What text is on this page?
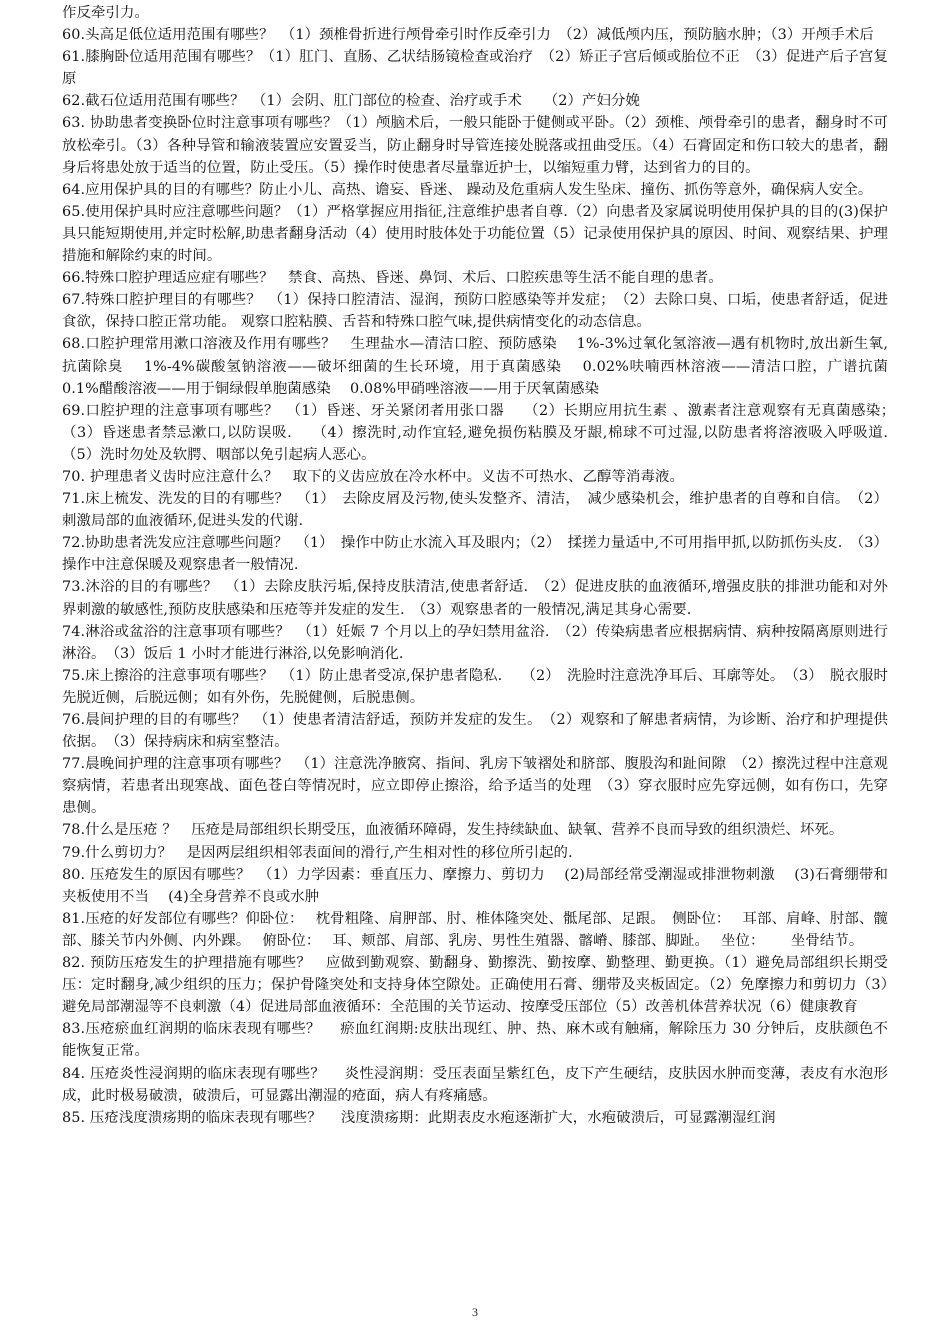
作反牵引力。

60.头高足低位适用范围有哪些？　（1）颈椎骨折进行颅骨牵引时作反牵引力　（2）减低颅内压，预防脑水肿；（3）开颅手术后

61.膝胸卧位适用范围有哪些？（1）肛门、直肠、乙状结肠镜检查或治疗　（2）矫正子宫后倾或胎位不正　（3）促进产后子宫复原

62.截石位适用范围有哪些？　（1）会阴、肛门部位的检查、治疗或手术　　（2）产妇分娩

63. 协助患者变换卧位时注意事项有哪些？（1）颅脑术后，一般只能卧于健侧或平卧。（2）颈椎、颅骨牵引的患者，翻身时不可放松牵引。（3）各种导管和输液装置应安置妥当，防止翻身时导管连接处脱落或扭曲受压。（4）石膏固定和伤口较大的患者，翻身后将患处放于适当的位置，防止受压。（5）操作时使患者尽量靠近护士，以缩短重力臂，达到省力的目的。

64.应用保护具的目的有哪些？防止小儿、高热、谵妄、昏迷、 躁动及危重病人发生坠床、撞伤、抓伤等意外，确保病人安全。

65.使用保护具时应注意哪些问题？（1）严格掌握应用指征,注意维护患者自尊.（2）向患者及家属说明使用保护具的目的(3)保护具只能短期使用,并定时松解,助患者翻身活动（4）使用时肢体处于功能位置（5）记录使用保护具的原因、时间、观察结果、护理措施和解除约束的时间。

66.特殊口腔护理适应症有哪些？　禁食、高热、昏迷、鼻饲、术后、口腔疾患等生活不能自理的患者。

67.特殊口腔护理目的有哪些？　（1）保持口腔清洁、湿润，预防口腔感染等并发症；　（2）去除口臭、口垢，使患者舒适，促进食欲，保持口腔正常功能。 观察口腔粘膜、舌苔和特殊口腔气味,提供病情变化的动态信息。

68.口腔护理常用漱口溶液及作用有哪些？　生理盐水—清洁口腔、预防感染　 1%-3%过氧化氢溶液—遇有机物时,放出新生氧,抗菌除臭　 1%-4%碳酸氢钠溶液——破坏细菌的生长环境，用于真菌感染　 0.02%呋喃西林溶液——清洁口腔，广谱抗菌　 0.1%醋酸溶液——用于铜绿假单胞菌感染　 0.08%甲硝唑溶液——用于厌氧菌感染

69.口腔护理的注意事项有哪些？　（1）昏迷、牙关紧闭者用张口器　 （2）长期应用抗生素 、激素者注意观察有无真菌感染；　（3）昏迷患者禁忌漱口,以防误吸.　 （4）擦洗时,动作宜轻,避免损伤粘膜及牙龈,棉球不可过湿,以防患者将溶液吸入呼吸道.　 （5）洗时勿处及软腭、咽部以免引起病人恶心。

70. 护理患者义齿时应注意什么？　取下的义齿应放在冷水杯中。义齿不可热水、乙醇等消毒液。

71.床上梳发、洗发的目的有哪些？　（1）　去除皮屑及污物,使头发整齐、清洁，　减少感染机会，维护患者的自尊和自信。　（2）刺激局部的血液循环,促进头发的代谢.

72.协助患者洗发应注意哪些问题？　（1）　操作中防止水流入耳及眼内；（2）　揉搓力量适中,不可用指甲抓,以防抓伤头皮.　（3）操作中注意保暖及观察患者一般情况.

73.沐浴的目的有哪些？　（1）去除皮肤污垢,保持皮肤清洁,使患者舒适.　（2）促进皮肤的血液循环,增强皮肤的排泄功能和对外界刺激的敏感性,预防皮肤感染和压疮等并发症的发生.　（3）观察患者的一般情况,满足其身心需要.

74.淋浴或盆浴的注意事项有哪些？　（1）妊娠 7 个月以上的孕妇禁用盆浴.　（2）传染病患者应根据病情、病种按隔离原则进行淋浴。　（3）饭后 1 小时才能进行淋浴,以免影响消化.

75.床上擦浴的注意事项有哪些？　（1）防止患者受凉,保护患者隐私.　 （2）　洗脸时注意洗净耳后、耳廓等处。　（3）　脱衣服时先脱近侧，后脱远侧；如有外伤，先脱健侧，后脱患侧。

76.晨间护理的目的有哪些？　（1）使患者清洁舒适，预防并发症的发生。　（2）观察和了解患者病情，为诊断、治疗和护理提供依据。　（3）保持病床和病室整洁。

77.晨晚间护理的注意事项有哪些？　（1）注意洗净腋窝、指间、乳房下皱褶处和脐部、腹股沟和趾间隙　（2）擦洗过程中注意观察病情，若患者出现寒战、面色苍白等情况时，应立即停止擦浴，给予适当的处理　（3）穿衣服时应先穿远侧，如有伤口，先穿患侧。

78.什么是压疮 ？　压疮是局部组织长期受压，血液循环障碍，发生持续缺血、缺氧、营养不良而导致的组织溃烂、坏死。

79.什么剪切力？　是因两层组织相邻表面间的滑行,产生相对性的移位所引起的.

80. 压疮发生的原因有哪些？　（1）力学因素：垂直压力、摩擦力、剪切力　 (2)局部经常受潮湿或排泄物刺激　 (3)石膏绷带和夹板使用不当　 (4)全身营养不良或水肿

81.压疮的好发部位有哪些？仰卧位：　 枕骨粗隆、肩胛部、肘、椎体隆突处、骶尾部、足跟。　侧卧位：　 耳部、肩峰、肘部、髋部、膝关节内外侧、内外踝。　 俯卧位：　 耳、颊部、肩部、乳房、男性生殖器、髂嵴、膝部、脚趾。　 坐位：　　 坐骨结节。

82. 预防压疮发生的护理措施有哪些？　应做到勤观察、勤翻身、勤擦洗、勤按摩、勤整理、勤更换。（1）避免局部组织长期受压：定时翻身,减少组织的压力；保护骨隆突处和支持身体空隙处。正确使用石膏、绷带及夹板固定。（2）免摩擦力和剪切力（3）避免局部潮湿等不良刺激（4）促进局部血液循环：全范围的关节运动、按摩受压部位（5）改善机体营养状况（6）健康教育

83.压疮瘀血红润期的临床表现有哪些？　 瘀血红润期:皮肤出现红、肿、热、麻木或有触痛，解除压力 30 分钟后，皮肤颜色不能恢复正常。

84. 压疮炎性浸润期的临床表现有哪些？　 炎性浸润期：受压表面呈紫红色，皮下产生硬结，皮肤因水肿而变薄，表皮有水泡形成，此时极易破溃，破溃后，可显露出潮湿的疮面，病人有疼痛感。

85. 压疮浅度溃疡期的临床表现有哪些？　 浅度溃疡期：此期表皮水疱逐渐扩大，水疱破溃后，可显露潮湿红润

3
